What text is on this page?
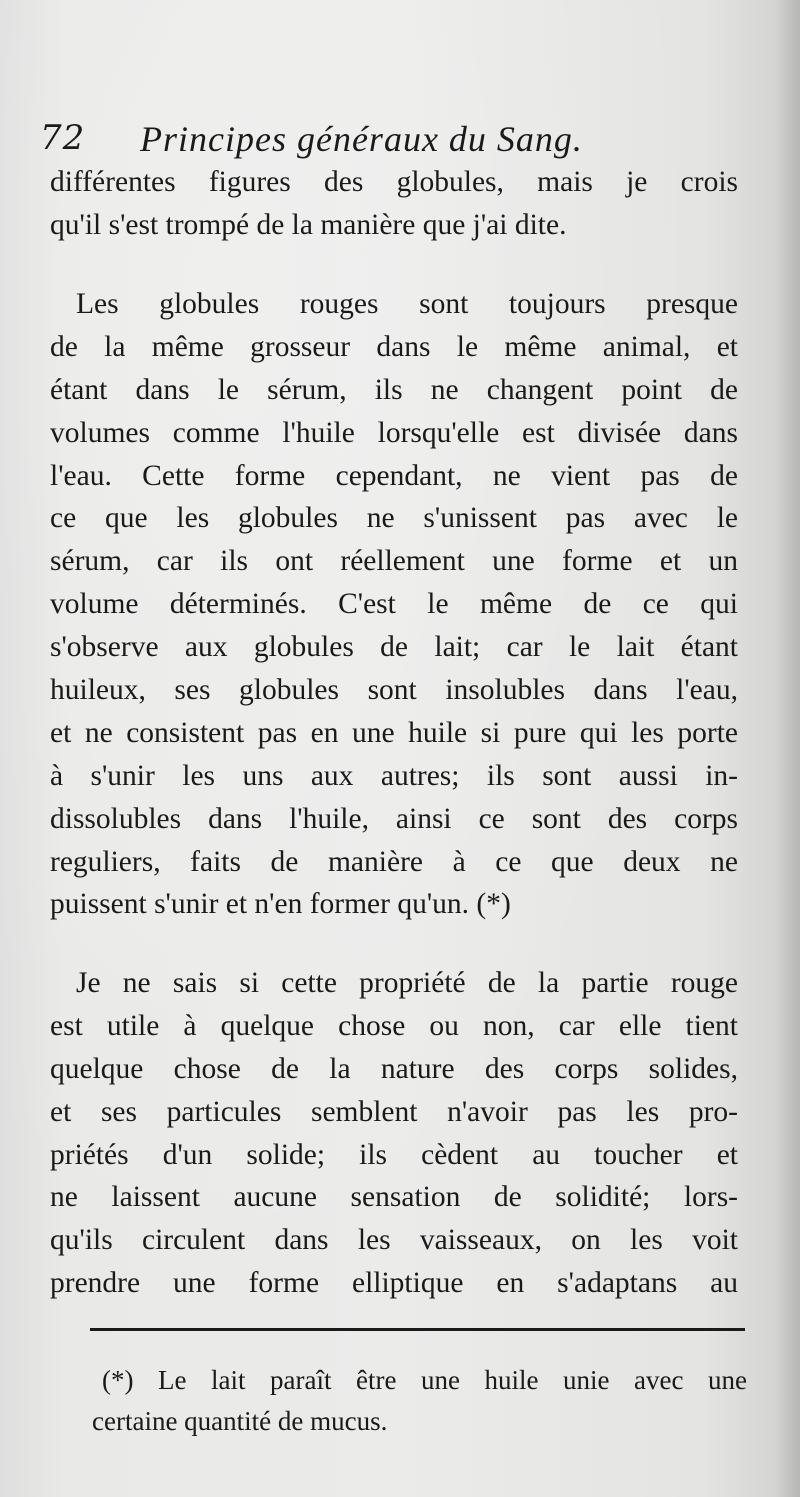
72 Principes généraux du Sang.
différentes figures des globules, mais je crois
qu'il s'est trompé de la manière que j'ai dite.
Les globules rouges sont toujours presque
de la même grosseur dans le même animal, et
étant dans le sérum, ils ne changent point de
volumes comme l'huile lorsqu'elle est divisée dans
l'eau. Cette forme cependant, ne vient pas de
ce que les globules ne s'unissent pas avec le
sérum, car ils ont réellement une forme et un
volume déterminés. C'est le même de ce qui
s'observe aux globules de lait; car le lait étant
huileux, ses globules sont insolubles dans l'eau,
et ne consistent pas en une huile si pure qui les porte
à s'unir les uns aux autres; ils sont aussi in-
dissolubles dans l'huile, ainsi ce sont des corps
reguliers, faits de manière à ce que deux ne
puissent s'unir et n'en former qu'un. (*)
Je ne sais si cette propriété de la partie rouge
est utile à quelque chose ou non, car elle tient
quelque chose de la nature des corps solides,
et ses particules semblent n'avoir pas les pro-
priétés d'un solide; ils cèdent au toucher et
ne laissent aucune sensation de solidité; lors-
qu'ils circulent dans les vaisseaux, on les voit
prendre une forme elliptique en s'adaptans au
(*) Le lait paraît être une huile unie avec une
certaine quantité de mucus.
